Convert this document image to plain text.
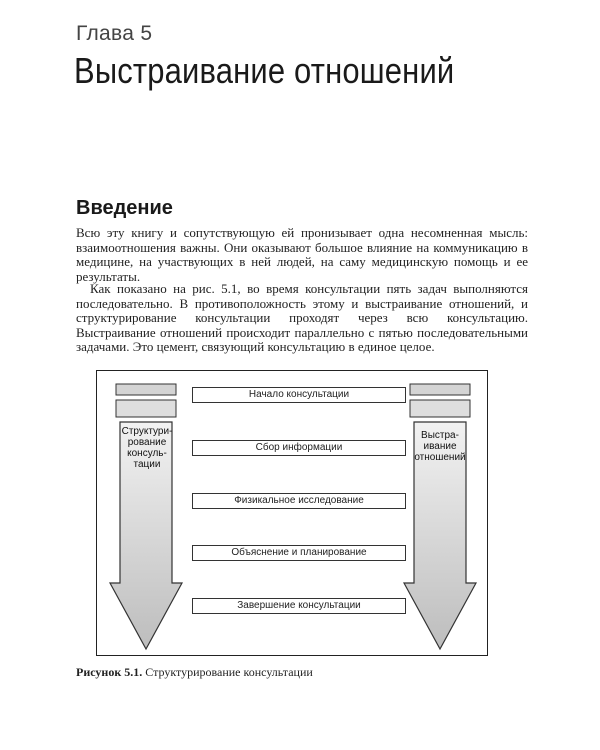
Глава 5
Выстраивание отношений
Введение

Всю эту книгу и сопутствующую ей пронизывает одна несомненная мысль: взаимоотношения важны. Они оказывают большое влияние на коммуникацию в медицине, на участвующих в ней людей, на саму медицинскую помощь и ее результаты.

Как показано на рис. 5.1, во время консультации пять задач выполняются последовательно. В противоположность этому и выстраивание отношений, и структурирование консультации проходят через всю консультацию. Выстраивание отношений происходит параллельно с пятью последовательными задачами. Это цемент, связующий консультацию в единое целое.

Начало консультации
Сбор информации
Физикальное исследование
Объяснение и планирование
Завершение консультации
Структури-
рование
консуль-
тации
Выстра-
ивание
отношений
Рисунок 5.1. Структурирование консультации
